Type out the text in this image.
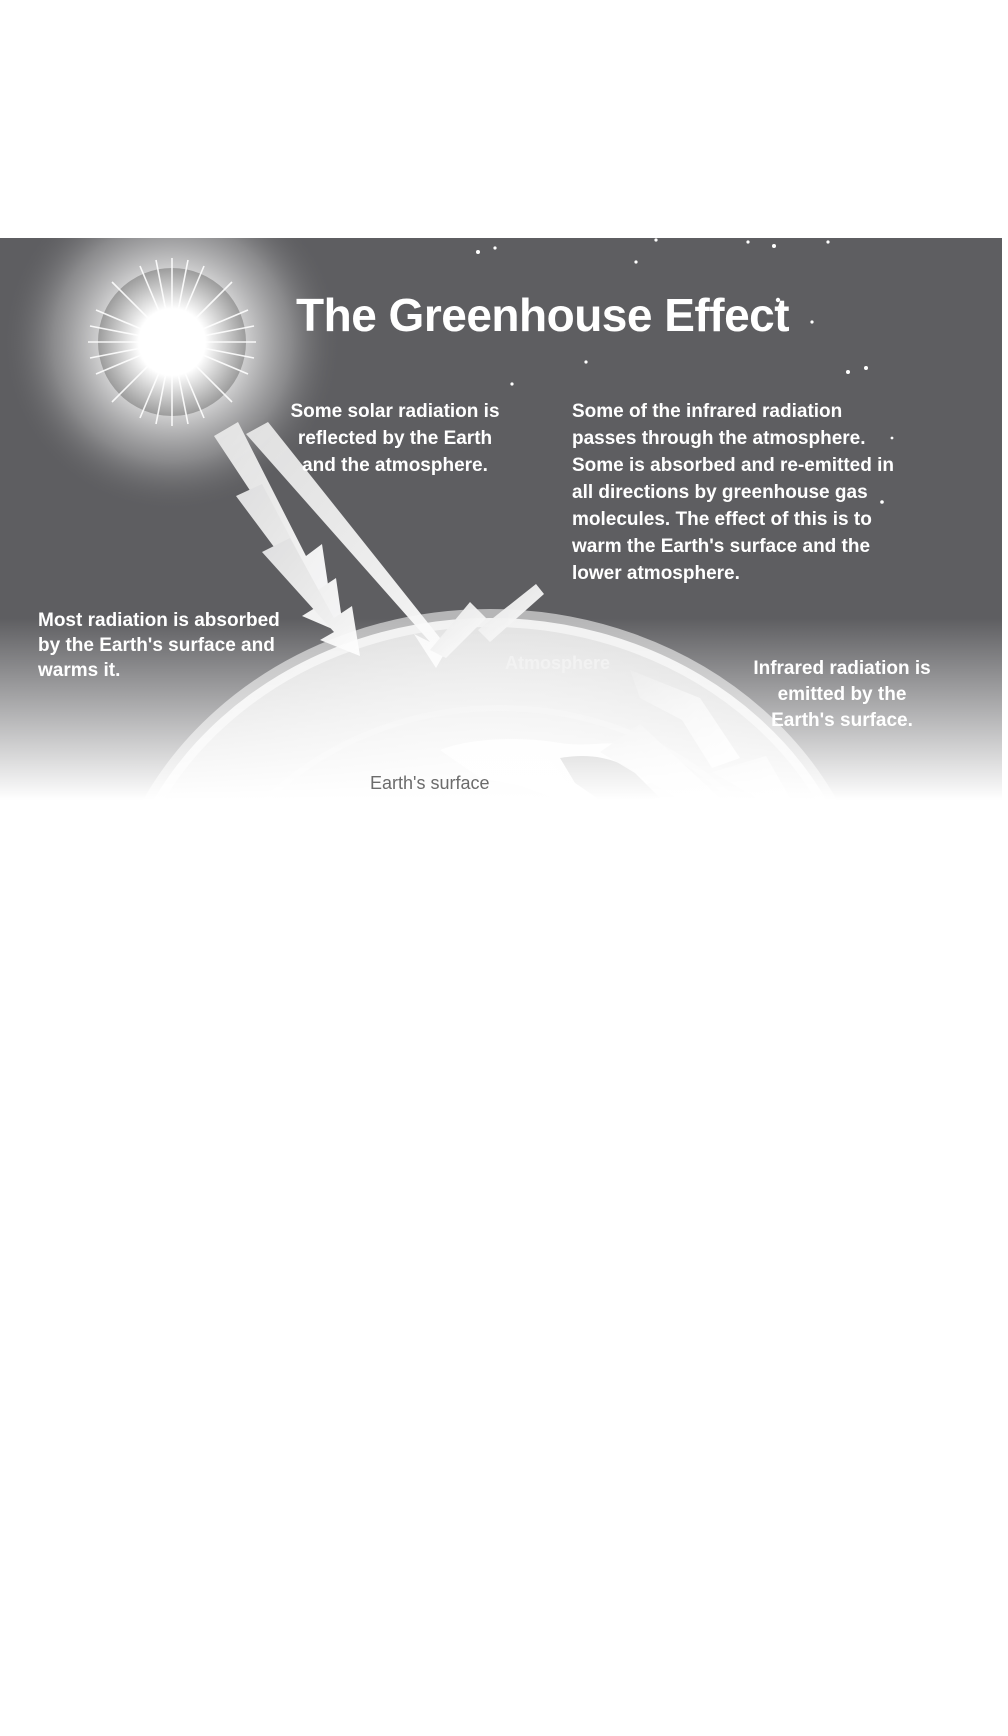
The Greenhouse Effect
Some solar radiation is reflected by the Earth and the atmosphere.
Some of the infrared radiation passes through the atmosphere. Some is absorbed and re-emitted in all directions by greenhouse gas molecules. The effect of this is to warm the Earth's surface and the lower atmosphere.
Most radiation is absorbed by the Earth's surface and warms it.	Infrared radiation is emitted by the Earth's surface.
Atmosphere
Earth's surface
